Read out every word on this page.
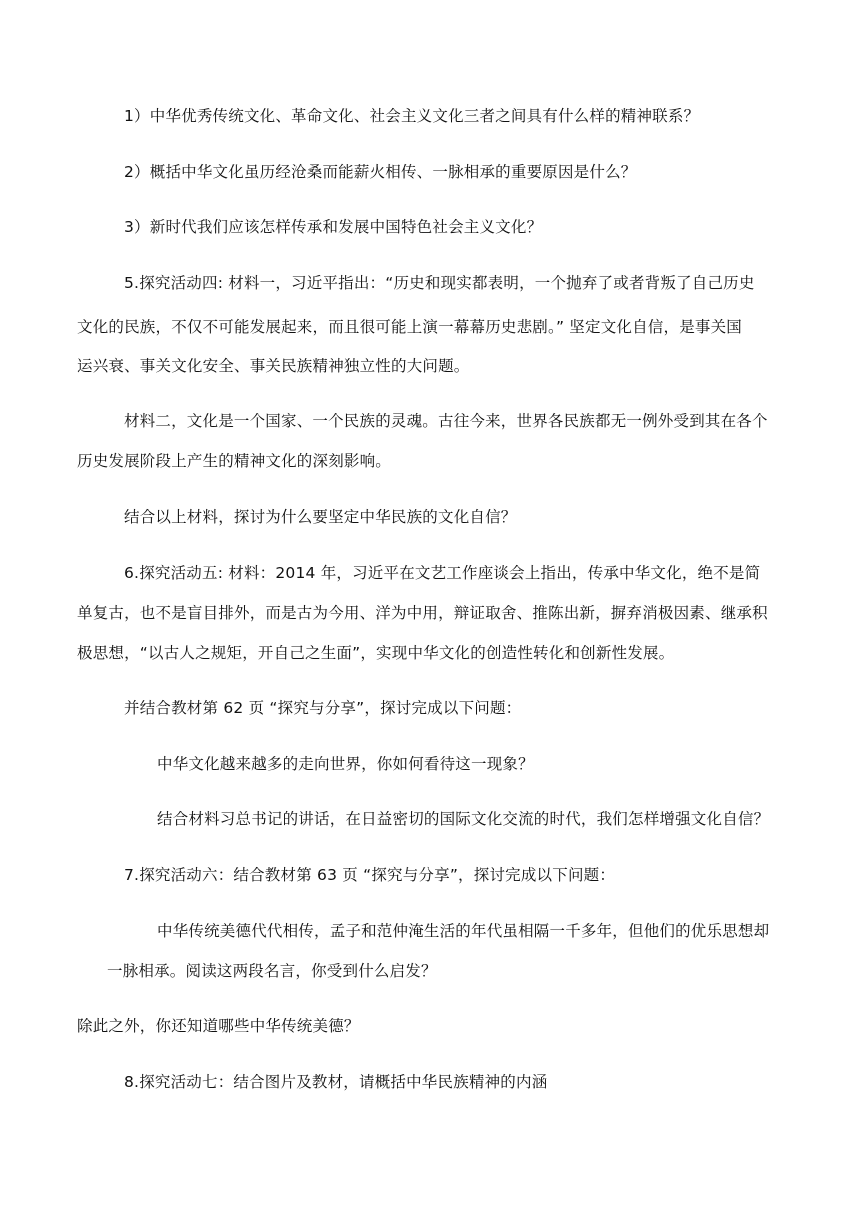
1）中华优秀传统文化、革命文化、社会主义文化三者之间具有什么样的精神联系？
2）概括中华文化虽历经沧桑而能薪火相传、一脉相承的重要原因是什么？
3）新时代我们应该怎样传承和发展中国特色社会主义文化？
5.探究活动四: 材料一，习近平指出：“历史和现实都表明，一个抛弃了或者背叛了自己历史
文化的民族，不仅不可能发展起来，而且很可能上演一幕幕历史悲剧。” 坚定文化自信，是事关国
运兴衰、事关文化安全、事关民族精神独立性的大问题。
材料二，文化是一个国家、一个民族的灵魂。古往今来，世界各民族都无一例外受到其在各个
历史发展阶段上产生的精神文化的深刻影响。
结合以上材料，探讨为什么要坚定中华民族的文化自信？
6.探究活动五: 材料：2014 年，习近平在文艺工作座谈会上指出，传承中华文化，绝不是简
单复古，也不是盲目排外，而是古为今用、洋为中用，辩证取舍、推陈出新，摒弃消极因素、继承积
极思想，“以古人之规矩，开自己之生面”，实现中华文化的创造性转化和创新性发展。
并结合教材第 62 页 “探究与分享”，探讨完成以下问题：
中华文化越来越多的走向世界，你如何看待这一现象？
结合材料习总书记的讲话，在日益密切的国际文化交流的时代，我们怎样增强文化自信？
7.探究活动六：结合教材第 63 页 “探究与分享”，探讨完成以下问题：
中华传统美德代代相传，孟子和范仲淹生活的年代虽相隔一千多年，但他们的优乐思想却
一脉相承。阅读这两段名言，你受到什么启发？
除此之外，你还知道哪些中华传统美德？
8.探究活动七：结合图片及教材，请概括中华民族精神的内涵
